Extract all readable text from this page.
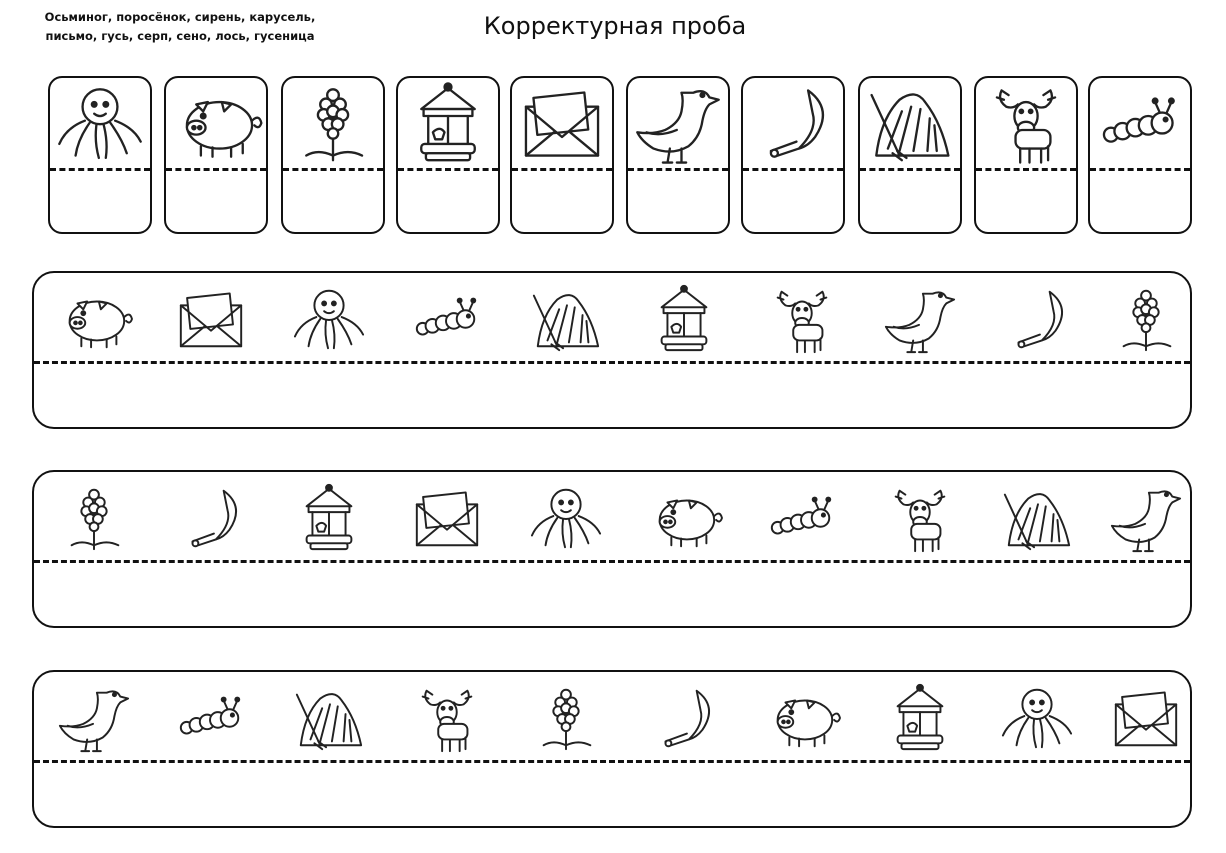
Осьминог, поросёнок, сирень, карусель,
письмо, гусь, серп, сено, лось, гусеница	Корректурная проба
